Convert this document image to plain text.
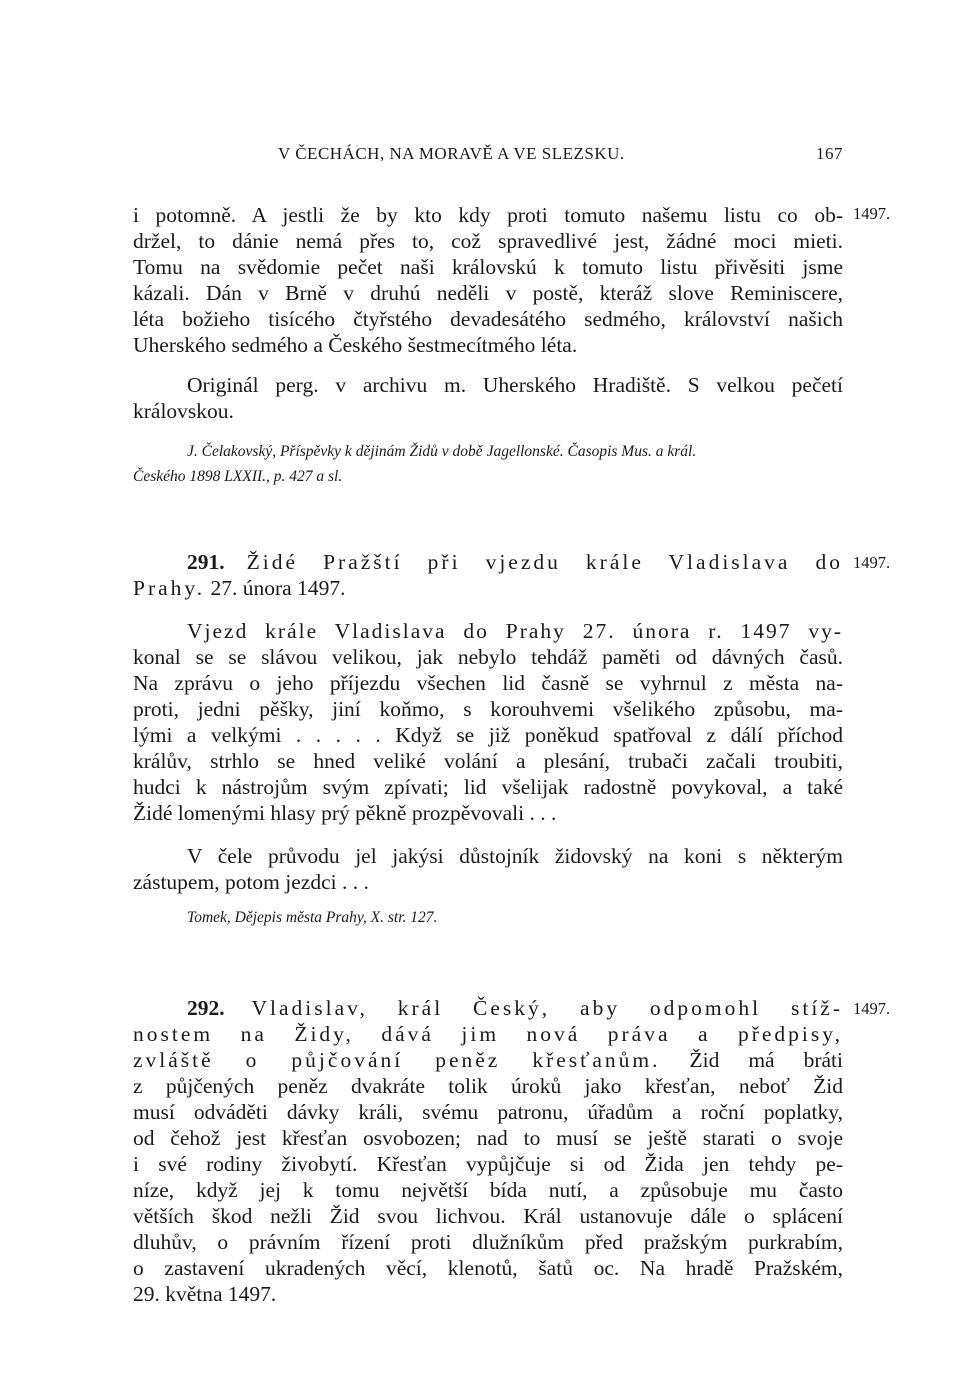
V ČECHÁCH, NA MORAVĚ A VE SLEZSKU.	167
i potomně. A jestli že by kto kdy proti tomuto našemu listu co ob-
držel, to dánie nemá přes to, což spravedlivé jest, žádné moci mieti.
Tomu na svědomie pečet naši královskú k tomuto listu přivěsiti jsme
kázali. Dán v Brně v druhú neděli v postě, kteráž slove Reminiscere,
léta božieho tisícého čtyřstého devadesátého sedmého, království našich
Uherského sedmého a Českého šestmecítmého léta.
1497.
Originál perg. v archivu m. Uherského Hradiště. S velkou pečetí
královskou.
J. Čelakovský, Příspěvky k dějinám Židů v době Jagellonské. Časopis Mus. a král.
Českého 1898 LXXII., p. 427 a sl.
291. Židé Pražští při vjezdu krále Vladislava do
Prahy. 27. února 1497.
1497.
Vjezd krále Vladislava do Prahy 27. února r. 1497 vy-
konal se se slávou velikou, jak nebylo tehdáž paměti od dávných časů.
Na zprávu o jeho příjezdu všechen lid časně se vyhrnul z města na-
proti, jedni pěšky, jiní koňmo, s korouhvemi všelikého způsobu, ma-
lými a velkými . . . . . Když se již poněkud spatřoval z dálí příchod
králův, strhlo se hned veliké volání a plesání, trubači začali troubiti,
hudci k nástrojům svým zpívati; lid všelijak radostně povykoval, a také
Židé lomenými hlasy prý pěkně prozpěvovali . . .
V čele průvodu jel jakýsi důstojník židovský na koni s některým
zástupem, potom jezdci . . .
Tomek, Dějepis města Prahy, X. str. 127.
292. Vladislav, král Český, aby odpomohl stíž-
nostem na Židy, dává jim nová práva a předpisy,
zvláště o půjčování peněz křesťanům. Žid má bráti
1497.
z půjčených peněz dvakráte tolik úroků jako křesťan, neboť Žid
musí odváděti dávky králi, svému patronu, úřadům a roční poplatky,
od čehož jest křesťan osvobozen; nad to musí se ještě starati o svoje
i své rodiny živobytí. Křesťan vypůjčuje si od Žida jen tehdy pe-
níze, když jej k tomu největší bída nutí, a způsobuje mu často
větších škod nežli Žid svou lichvou. Král ustanovuje dále o splácení
dluhův, o právním řízení proti dlužníkům před pražským purkrabím,
o zastavení ukradených věcí, klenotů, šatů oc. Na hradě Pražském,
29. května 1497.
